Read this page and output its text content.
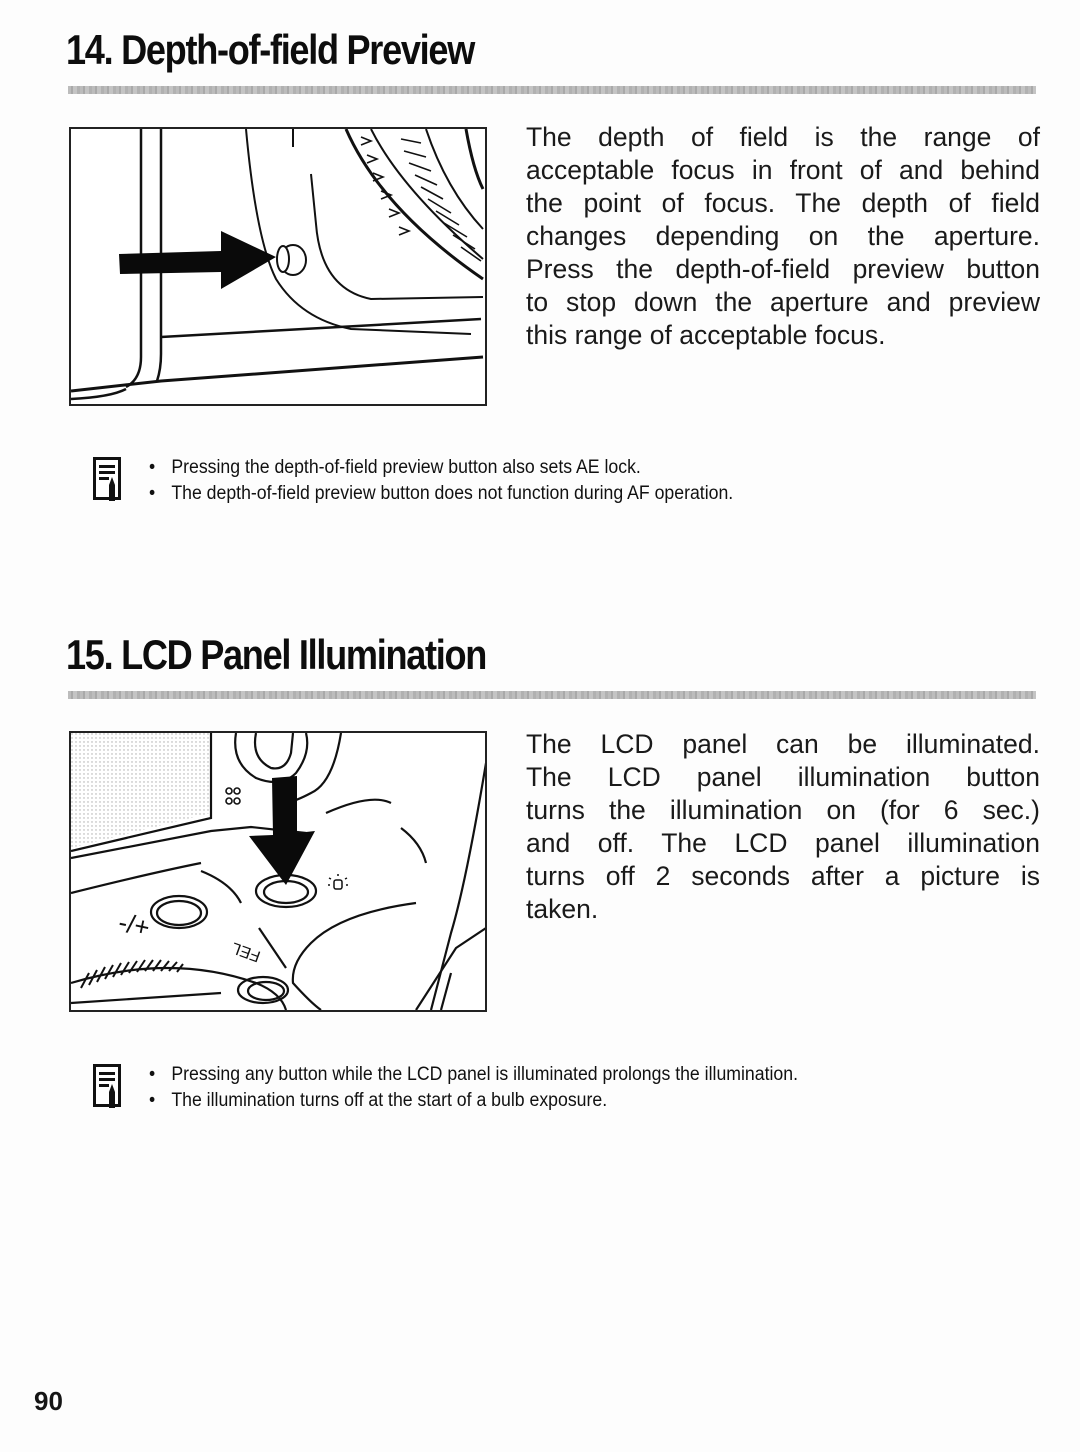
14. Depth-of-field Preview

The depth of field is the range of
acceptable focus in front of and behind
the point of focus. The depth of field
changes depending on the aperture.
Press the depth-of-field preview button
to stop down the aperture and preview
this range of acceptable focus.

• Pressing the depth-of-field preview button also sets AE lock.
• The depth-of-field preview button does not function during AF operation.
15. LCD Panel Illumination
-/+
FEL

The LCD panel can be illuminated.
The LCD panel illumination button
turns the illumination on (for 6 sec.)
and off. The LCD panel illumination
turns off 2 seconds after a picture is
taken.

• Pressing any button while the LCD panel is illuminated prolongs the illumination.
• The illumination turns off at the start of a bulb exposure.
90
